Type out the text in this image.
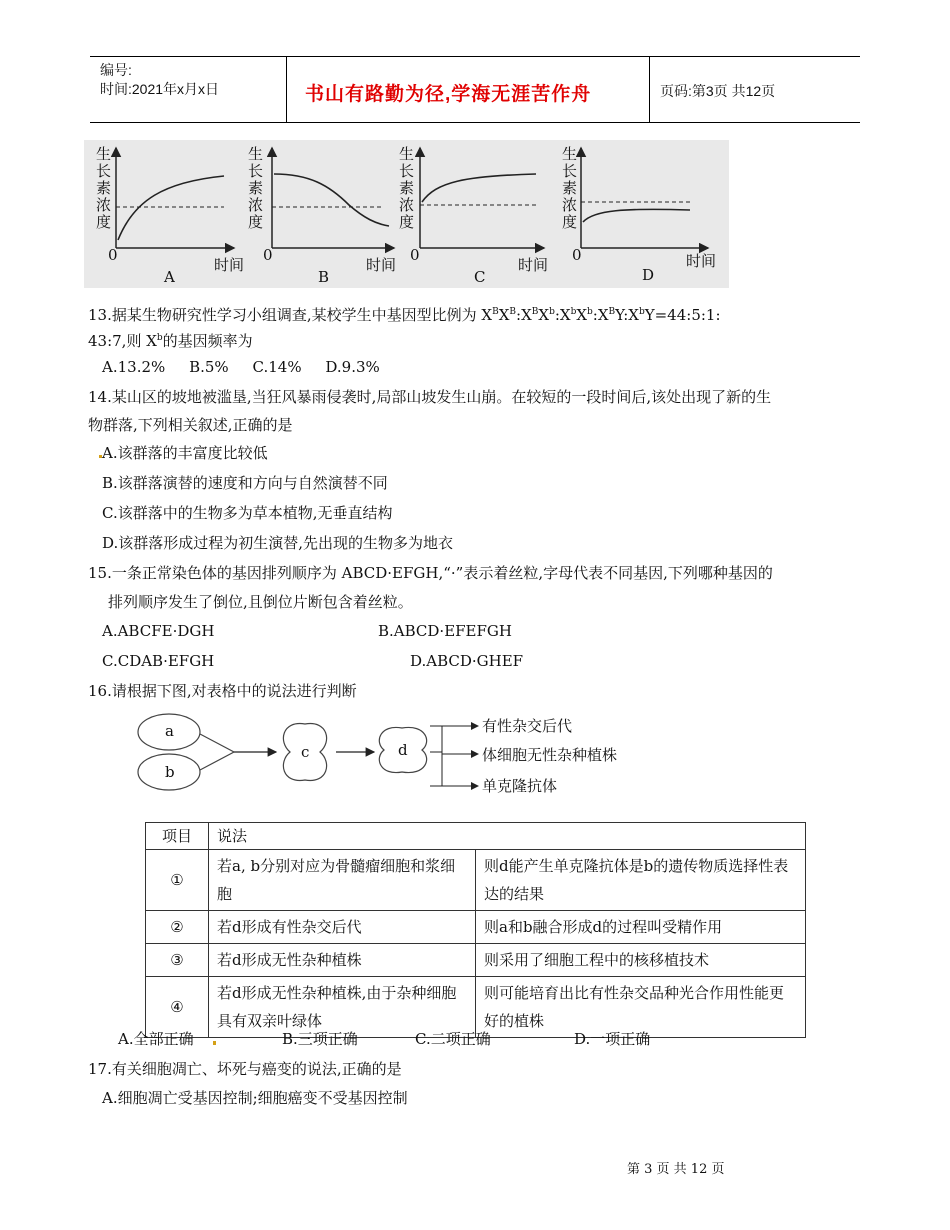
编号:
时间:2021年x月x日	书山有路勤为径,学海无涯苦作舟	页码:第3页 共12页
生
长
素
浓
度
0
时间
A
生
长
素
浓
度
0
时间
B
生
长
素
浓
度
0
时间
C
生
长
素
浓
度
0	时间
D
13.据某生物研究性学习小组调查,某校学生中基因型比例为 $X^BX^B:X^BX^b:X^bX^b:X^BY:X^bY=44:5:1$:
43:7,则 $X^b$的基因频率为
A.13.2%     B.5%     C.14%     D.9.3%
14.某山区的坡地被滥垦,当狂风暴雨侵袭时,局部山坡发生山崩。在较短的一段时间后,该处出现了新的生
物群落,下列相关叙述,正确的是
A.该群落的丰富度比较低
B.该群落演替的速度和方向与自然演替不同
C.该群落中的生物多为草本植物,无垂直结构
D.该群落形成过程为初生演替,先出现的生物多为地衣
15.一条正常染色体的基因排列顺序为 ABCD·EFGH,“·”表示着丝粒,字母代表不同基因,下列哪种基因的
排列顺序发生了倒位,且倒位片断包含着丝粒。
A.ABCFE·DGH	B.ABCD·EFEFGH
C.CDAB·EFGH	D.ABCD·GHEF
16.请根据下图,对表格中的说法进行判断
a
b
c	d
有性杂交后代
体细胞无性杂种植株
单克隆抗体
项目	说法	
①	若a, b分别对应为骨髓瘤细胞和浆细胞	则d能产生单克隆抗体是b的遗传物质选择性表达的结果
②	若d形成有性杂交后代	则a和b融合形成d的过程叫受精作用
③	若d形成无性杂种植株	则采用了细胞工程中的核移植技术
④	若d形成无性杂种植株,由于杂种细胞具有双亲叶绿体	则可能培育出比有性杂交品种光合作用性能更好的植株
A.全部正确	B.三项正确	C.二项正确	D.一项正确
17.有关细胞凋亡、坏死与癌变的说法,正确的是
A.细胞凋亡受基因控制;细胞癌变不受基因控制
第 3 页 共 12 页
